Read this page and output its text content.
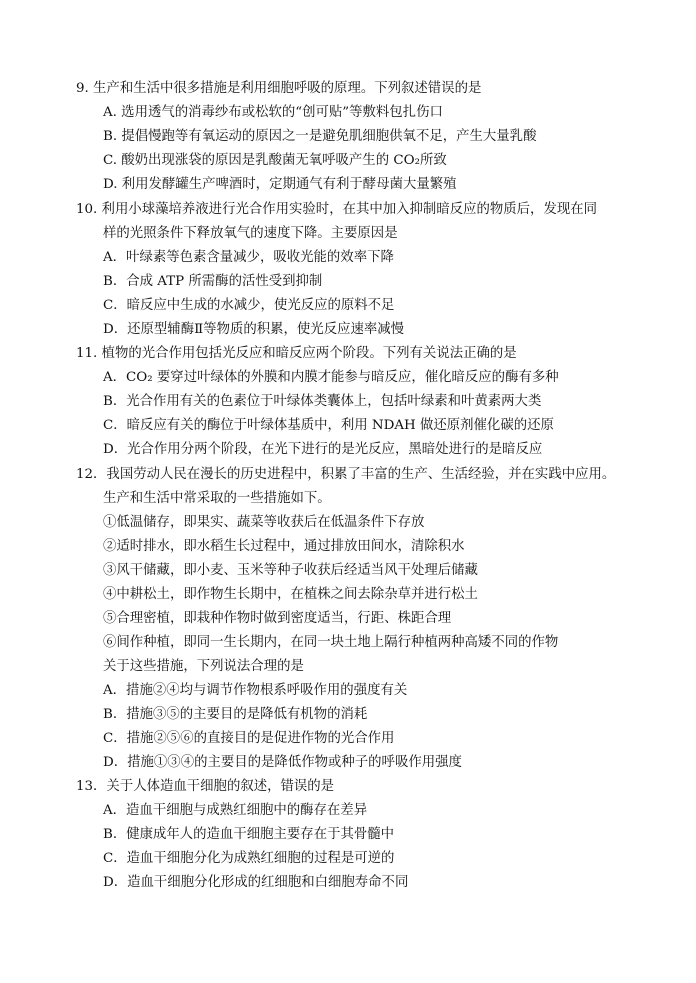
9. 生产和生活中很多措施是利用细胞呼吸的原理。下列叙述错误的是
A. 选用透气的消毒纱布或松软的“创可贴”等敷料包扎伤口
B. 提倡慢跑等有氧运动的原因之一是避免肌细胞供氧不足，产生大量乳酸
C. 酸奶出现涨袋的原因是乳酸菌无氧呼吸产生的 CO₂所致
D. 利用发酵罐生产啤酒时，定期通气有利于酵母菌大量繁殖
10. 利用小球藻培养液进行光合作用实验时，在其中加入抑制暗反应的物质后，发现在同
样的光照条件下释放氧气的速度下降。主要原因是
A．叶绿素等色素含量减少，吸收光能的效率下降
B．合成 ATP 所需酶的活性受到抑制
C．暗反应中生成的水减少，使光反应的原料不足
D．还原型辅酶Ⅱ等物质的积累，使光反应速率减慢
11. 植物的光合作用包括光反应和暗反应两个阶段。下列有关说法正确的是
A．CO₂ 要穿过叶绿体的外膜和内膜才能参与暗反应，催化暗反应的酶有多种
B．光合作用有关的色素位于叶绿体类囊体上，包括叶绿素和叶黄素两大类
C．暗反应有关的酶位于叶绿体基质中，利用 NDAH 做还原剂催化碳的还原
D．光合作用分两个阶段，在光下进行的是光反应，黑暗处进行的是暗反应
12．我国劳动人民在漫长的历史进程中，积累了丰富的生产、生活经验，并在实践中应用。
生产和生活中常采取的一些措施如下。
①低温储存，即果实、蔬菜等收获后在低温条件下存放
②适时排水，即水稻生长过程中，通过排放田间水，清除积水
③风干储藏，即小麦、玉米等种子收获后经适当风干处理后储藏
④中耕松土，即作物生长期中，在植株之间去除杂草并进行松土
⑤合理密植，即栽种作物时做到密度适当，行距、株距合理
⑥间作种植，即同一生长期内，在同一块土地上隔行种植两种高矮不同的作物
关于这些措施，下列说法合理的是
A．措施②④均与调节作物根系呼吸作用的强度有关
B．措施③⑤的主要目的是降低有机物的消耗
C．措施②⑤⑥的直接目的是促进作物的光合作用
D．措施①③④的主要目的是降低作物或种子的呼吸作用强度
13．关于人体造血干细胞的叙述，错误的是
A．造血干细胞与成熟红细胞中的酶存在差异
B．健康成年人的造血干细胞主要存在于其骨髓中
C．造血干细胞分化为成熟红细胞的过程是可逆的
D．造血干细胞分化形成的红细胞和白细胞寿命不同
